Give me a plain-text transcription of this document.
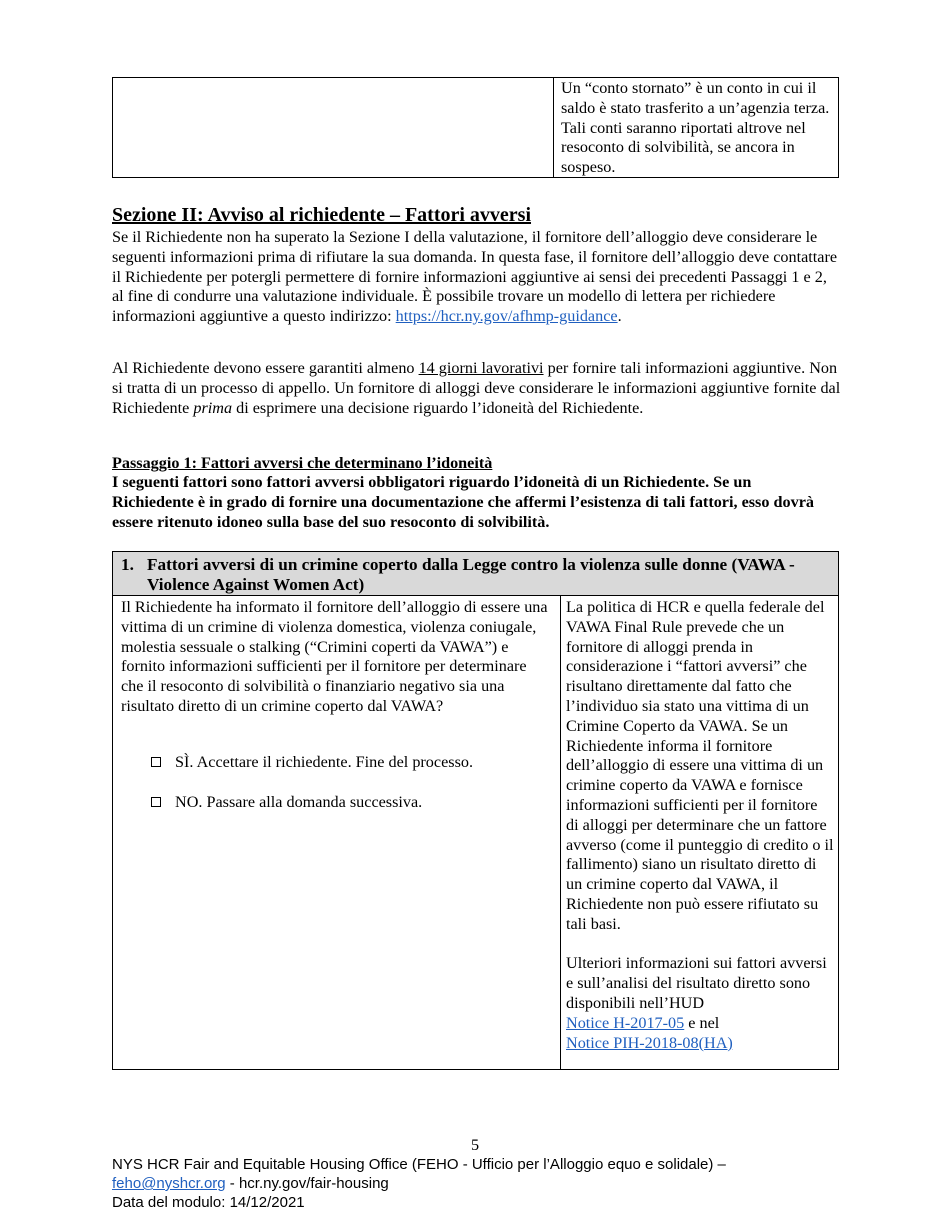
Un “conto stornato” è un conto in cui il saldo è stato trasferito a un’agenzia terza. Tali conti saranno riportati altrove nel resoconto di solvibilità, se ancora in sospeso.

Sezione II: Avviso al richiedente – Fattori avversi

Se il Richiedente non ha superato la Sezione I della valutazione, il fornitore dell’alloggio deve considerare le seguenti informazioni prima di rifiutare la sua domanda. In questa fase, il fornitore dell’alloggio deve contattare il Richiedente per potergli permettere di fornire informazioni aggiuntive ai sensi dei precedenti Passaggi 1 e 2, al fine di condurre una valutazione individuale. È possibile trovare un modello di lettera per richiedere informazioni aggiuntive a questo indirizzo: https://hcr.ny.gov/afhmp-guidance.

Al Richiedente devono essere garantiti almeno 14 giorni lavorativi per fornire tali informazioni aggiuntive. Non si tratta di un processo di appello. Un fornitore di alloggi deve considerare le informazioni aggiuntive fornite dal Richiedente prima di esprimere una decisione riguardo l’idoneità del Richiedente.

Passaggio 1: Fattori avversi che determinano l’idoneità

I seguenti fattori sono fattori avversi obbligatori riguardo l’idoneità di un Richiedente. Se un Richiedente è in grado di fornire una documentazione che affermi l’esistenza di tali fattori, esso dovrà essere ritenuto idoneo sulla base del suo resoconto di solvibilità.

1. Fattori avversi di un crimine coperto dalla Legge contro la violenza sulle donne (VAWA - Violence Against Women Act)

Il Richiedente ha informato il fornitore dell’alloggio di essere una vittima di un crimine di violenza domestica, violenza coniugale, molestia sessuale o stalking (“Crimini coperti da VAWA”) e fornito informazioni sufficienti per il fornitore per determinare che il resoconto di solvibilità o finanziario negativo sia una risultato diretto di un crimine coperto dal VAWA?

SÌ. Accettare il richiedente. Fine del processo.
NO. Passare alla domanda successiva.

La politica di HCR e quella federale del VAWA Final Rule prevede che un fornitore di alloggi prenda in considerazione i “fattori avversi” che risultano direttamente dal fatto che l’individuo sia stato una vittima di un Crimine Coperto da VAWA. Se un Richiedente informa il fornitore dell’alloggio di essere una vittima di un crimine coperto da VAWA e fornisce informazioni sufficienti per il fornitore di alloggi per determinare che un fattore avverso (come il punteggio di credito o il fallimento) siano un risultato diretto di un crimine coperto dal VAWA, il Richiedente non può essere rifiutato su tali basi.

Ulteriori informazioni sui fattori avversi e sull’analisi del risultato diretto sono disponibili nell’HUD
Notice H-2017-05 e nel
Notice PIH-2018-08(HA)

5
NYS HCR Fair and Equitable Housing Office (FEHO - Ufficio per l’Alloggio equo e solidale) –
feho@nyshcr.org - hcr.ny.gov/fair-housing
Data del modulo: 14/12/2021
